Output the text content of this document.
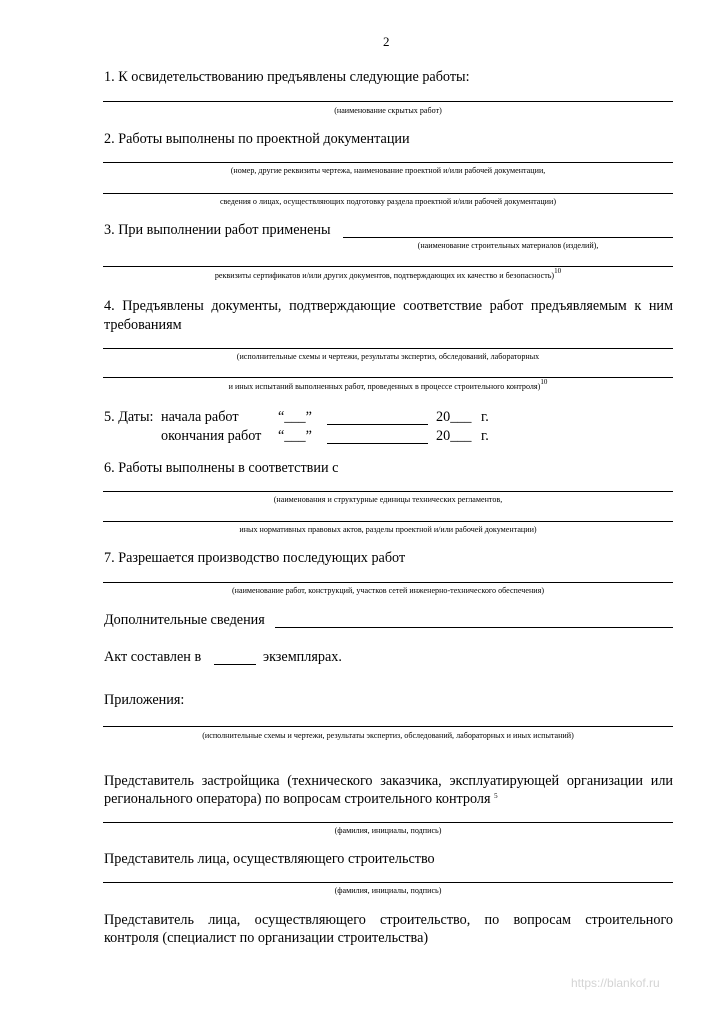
2
1. К освидетельствованию предъявлены следующие работы:
(наименование скрытых работ)
2. Работы выполнены по проектной документации
(номер, другие реквизиты чертежа, наименование проектной и/или рабочей документации,
сведения о лицах, осуществляющих подготовку раздела проектной и/или рабочей документации)
3. При выполнении работ применены
(наименование строительных материалов (изделий),
реквизиты сертификатов и/или других документов, подтверждающих их качество и безопасность)$^{10}$
4. Предъявлены документы, подтверждающие соответствие работ предъявляемым к ним
требованиям
(исполнительные схемы и чертежи, результаты экспертиз, обследований, лабораторных
и иных испытаний выполненных работ, проведенных в процессе строительного контроля)$^{10}$
5. Даты: начала работ	“___”	20___ г.
окончания работ “___”	20___ г.
6. Работы выполнены в соответствии с
(наименования и структурные единицы технических регламентов,
иных нормативных правовых актов, разделы проектной и/или рабочей документации)
7. Разрешается производство последующих работ
(наименование работ, конструкций, участков сетей инженерно-технического обеспечения)
Дополнительные сведения
Акт составлен в	экземплярах.
Приложения:
(исполнительные схемы и чертежи, результаты экспертиз, обследований, лабораторных и иных испытаний)
Представитель застройщика (технического заказчика, эксплуатирующей организации или
регионального оператора) по вопросам строительного контроля $^5$
(фамилия, инициалы, подпись)
Представитель лица, осуществляющего строительство
(фамилия, инициалы, подпись)
Представитель лица, осуществляющего строительство, по вопросам строительного
контроля (специалист по организации строительства)
https://blankof.ru
